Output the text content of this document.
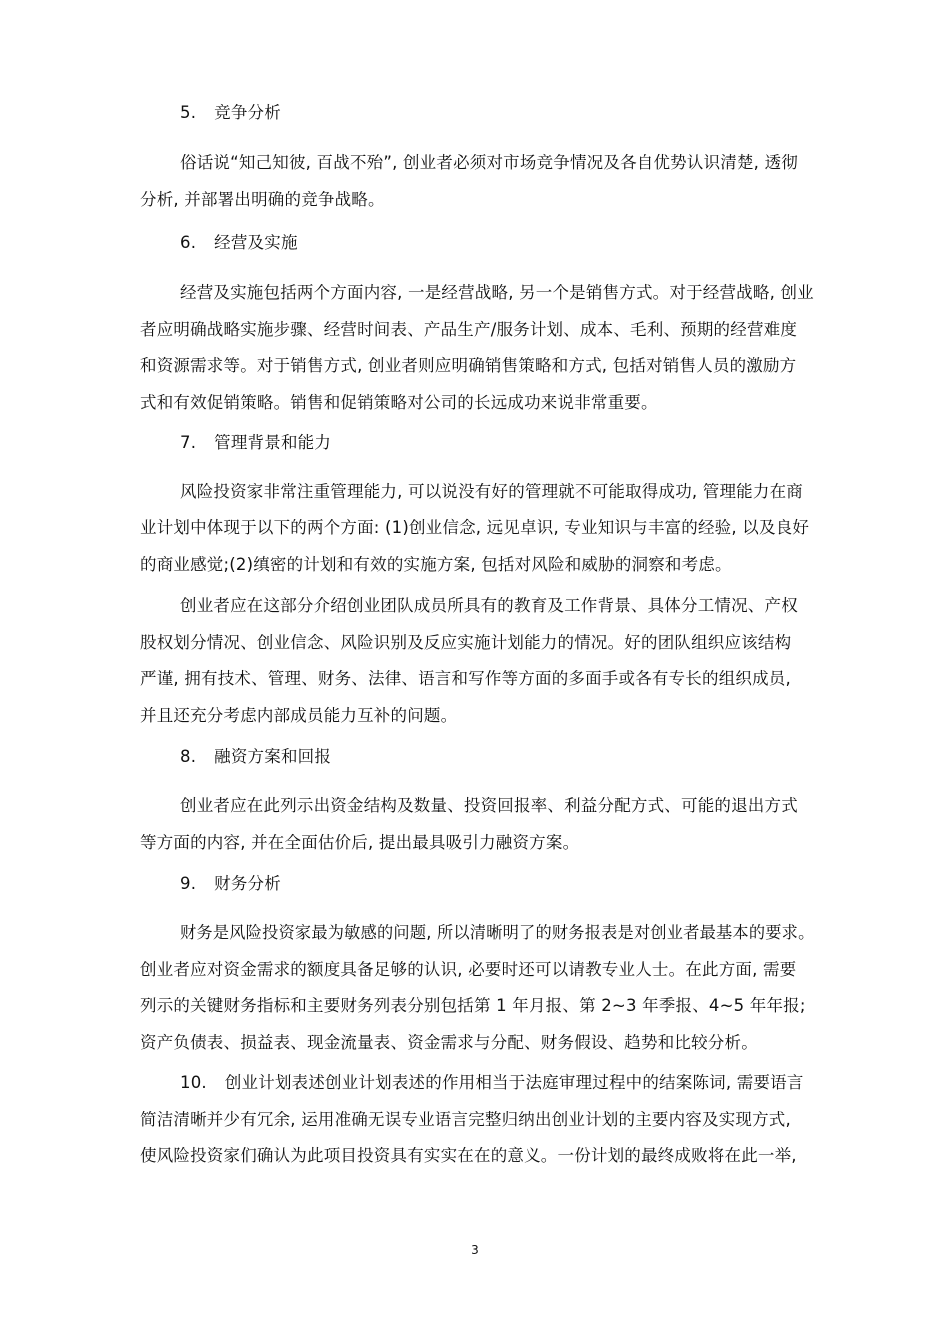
5. 竞争分析
俗话说“知己知彼, 百战不殆”, 创业者必须对市场竞争情况及各自优势认识清楚, 透彻
分析, 并部署出明确的竞争战略。
6. 经营及实施
经营及实施包括两个方面内容, 一是经营战略, 另一个是销售方式。对于经营战略, 创业
者应明确战略实施步骤、经营时间表、产品生产/服务计划、成本、毛利、预期的经营难度
和资源需求等。对于销售方式, 创业者则应明确销售策略和方式, 包括对销售人员的激励方
式和有效促销策略。销售和促销策略对公司的长远成功来说非常重要。
7. 管理背景和能力
风险投资家非常注重管理能力, 可以说没有好的管理就不可能取得成功, 管理能力在商
业计划中体现于以下的两个方面: (1)创业信念, 远见卓识, 专业知识与丰富的经验, 以及良好
的商业感觉;(2)缜密的计划和有效的实施方案, 包括对风险和威胁的洞察和考虑。
创业者应在这部分介绍创业团队成员所具有的教育及工作背景、具体分工情况、产权
股权划分情况、创业信念、风险识别及反应实施计划能力的情况。好的团队组织应该结构
严谨, 拥有技术、管理、财务、法律、语言和写作等方面的多面手或各有专长的组织成员,
并且还充分考虑内部成员能力互补的问题。
8. 融资方案和回报
创业者应在此列示出资金结构及数量、投资回报率、利益分配方式、可能的退出方式
等方面的内容, 并在全面估价后, 提出最具吸引力融资方案。
9. 财务分析
财务是风险投资家最为敏感的问题, 所以清晰明了的财务报表是对创业者最基本的要求。
创业者应对资金需求的额度具备足够的认识, 必要时还可以请教专业人士。在此方面, 需要
列示的关键财务指标和主要财务列表分别包括第 1 年月报、第 2~3 年季报、4~5 年年报;
资产负债表、损益表、现金流量表、资金需求与分配、财务假设、趋势和比较分析。
10. 创业计划表述创业计划表述的作用相当于法庭审理过程中的结案陈词, 需要语言
简洁清晰并少有冗余, 运用准确无误专业语言完整归纳出创业计划的主要内容及实现方式,
使风险投资家们确认为此项目投资具有实实在在的意义。一份计划的最终成败将在此一举,
3
